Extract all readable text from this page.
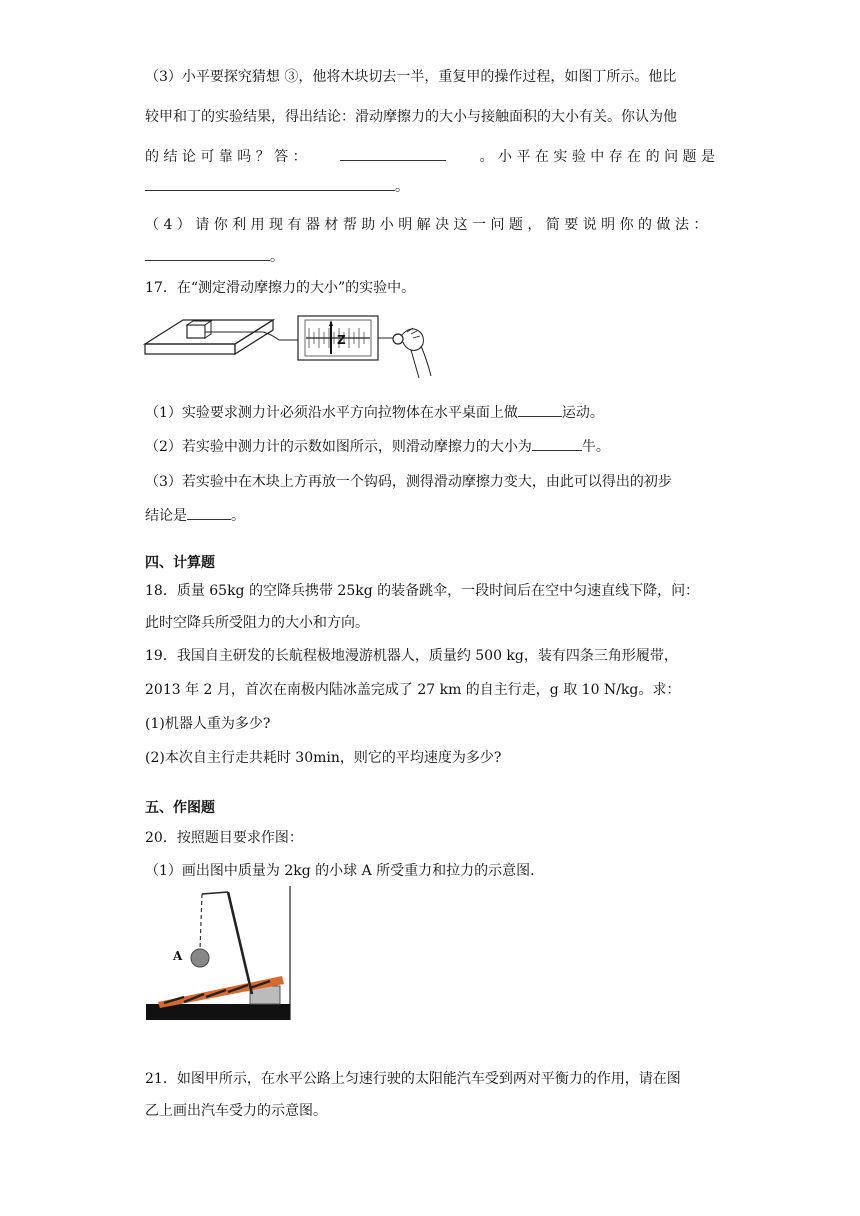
（3）小平要探究猜想 ③，他将木块切去一半，重复甲的操作过程，如图丁所示。他比
较甲和丁的实验结果，得出结论：滑动摩擦力的大小与接触面积的大小有关。你认为他
的 结 论 可 靠 吗 ？ 答 ：	。 小 平 在 实 验 中 存 在 的 问 题 是
。
（ 4 ） 请 你 利 用 现 有 器 材 帮 助 小 明 解 决 这 一 问 题 ， 简 要 说 明 你 的 做 法 ：
。
17．在“测定滑动摩擦力的大小”的实验中。
Z
（1）实验要求测力计必须沿水平方向拉物体在水平桌面上做	运动。
（2）若实验中测力计的示数如图所示，则滑动摩擦力的大小为	牛。
（3）若实验中在木块上方再放一个钩码，测得滑动摩擦力变大，由此可以得出的初步
结论是	。
四、计算题
18．质量 65kg 的空降兵携带 25kg 的装备跳伞，一段时间后在空中匀速直线下降，问：
此时空降兵所受阻力的大小和方向。
19．我国自主研发的长航程极地漫游机器人，质量约 500 kg，装有四条三角形履带，
2013 年 2 月，首次在南极内陆冰盖完成了 27 km 的自主行走，g 取 10 N/kg。求：
(1)机器人重为多少?
(2)本次自主行走共耗时 30min，则它的平均速度为多少?
五、作图题
20．按照题目要求作图：
（1）画出图中质量为 2kg 的小球 A 所受重力和拉力的示意图.
A
21．如图甲所示，在水平公路上匀速行驶的太阳能汽车受到两对平衡力的作用，请在图
乙上画出汽车受力的示意图。
